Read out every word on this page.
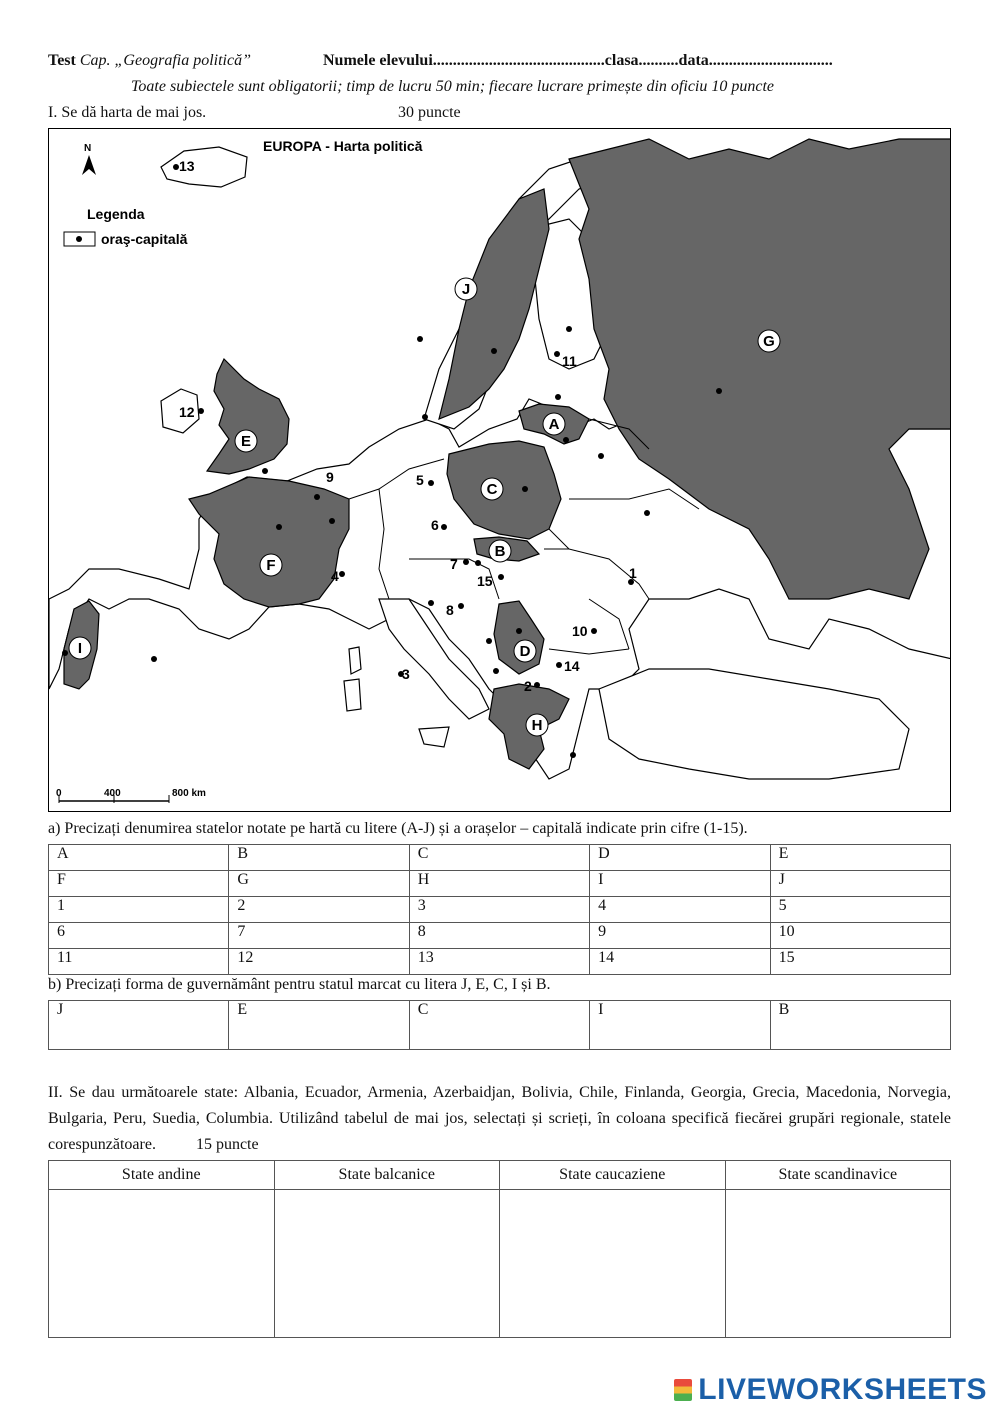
Test Cap. „Geografia politică”	Numele elevului...........................................clasa..........data...............................
Toate subiectele sunt obligatorii; timp de lucru 50 min; fiecare lucrare primește din oficiu 10 puncte
I. Se dă harta de mai jos.	30 puncte
J
G
A
E
C
B
F
I	D
H
1
2
3
4
5
6
7
8
9
10
11
12
13
14
15
EUROPA - Harta politică
N
Legenda
oraş-capitală
0	400	800 km
a) Precizați denumirea statelor notate pe hartă cu litere (A-J) și a orașelor – capitală indicate prin cifre (1-15).
A	B	C	D	E
F	G	H	I	J
1	2	3	4	5
6	7	8	9	10
11	12	13	14	15
b) Precizați forma de guvernământ pentru statul marcat cu litera J, E, C, I și B.
J	E	C	I	B
II. Se dau următoarele state: Albania, Ecuador, Armenia, Azerbaidjan, Bolivia, Chile, Finlanda, Georgia, Grecia, Macedonia, Norvegia, Bulgaria, Peru, Suedia, Columbia. Utilizând tabelul de mai jos, selectați și scrieți, în coloana specifică fiecărei grupări regionale, statele corespunzătoare.	15 puncte
State andine	State balcanice	State caucaziene	State scandinavice

LIVEWORKSHEETS
